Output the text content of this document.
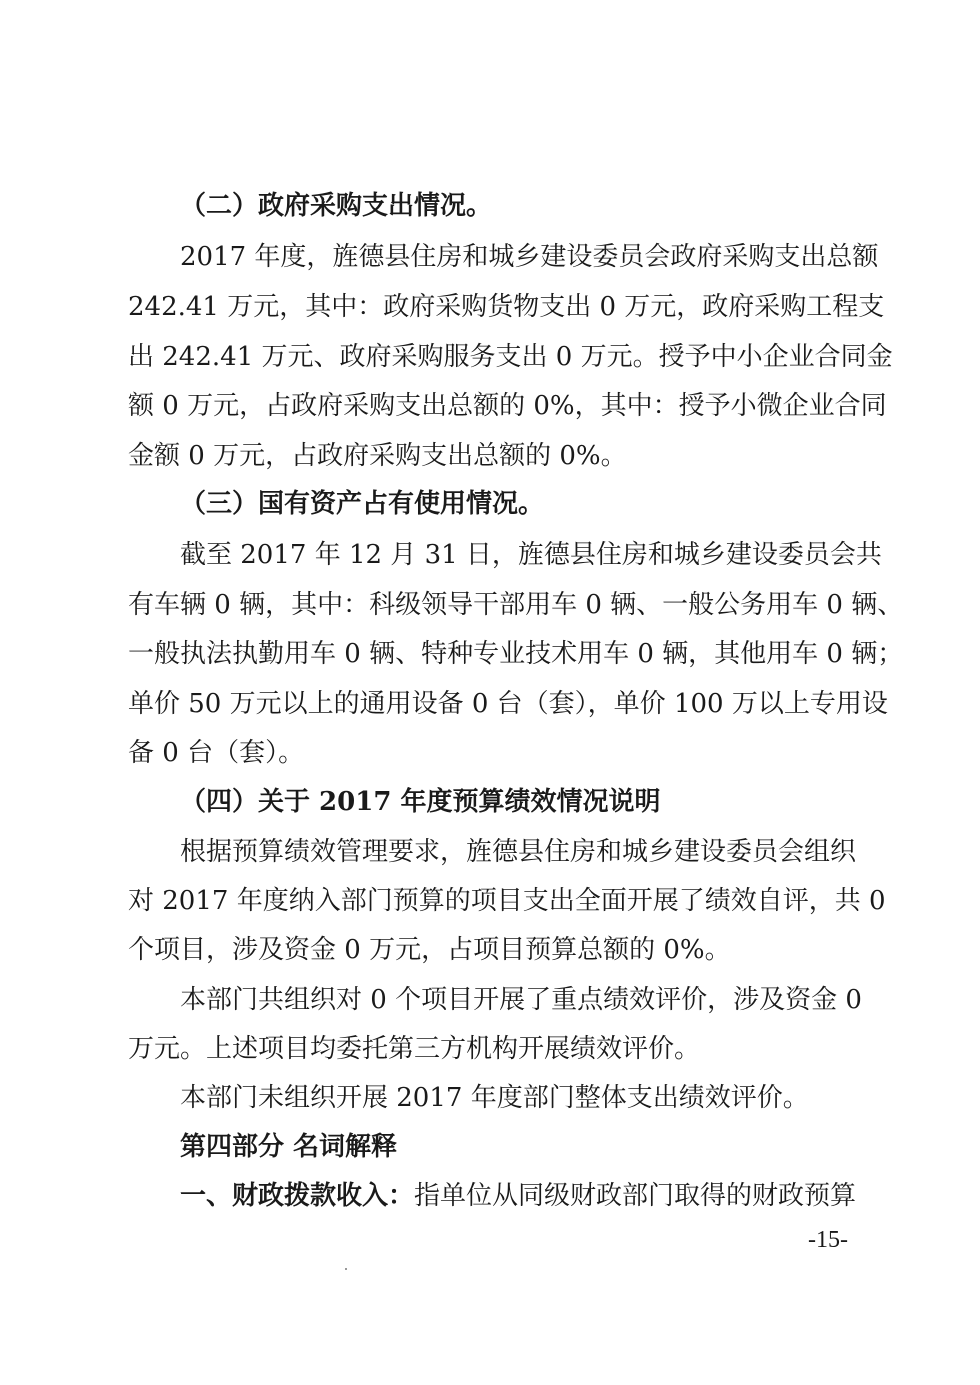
（二）政府采购支出情况。
2017 年度，旌德县住房和城乡建设委员会政府采购支出总额
242.41 万元，其中：政府采购货物支出 0 万元，政府采购工程支
出 242.41 万元、政府采购服务支出 0 万元。授予中小企业合同金
额 0 万元，占政府采购支出总额的 0%，其中：授予小微企业合同
金额 0 万元，占政府采购支出总额的 0%。
（三）国有资产占有使用情况。
截至 2017 年 12 月 31 日，旌德县住房和城乡建设委员会共
有车辆 0 辆，其中：科级领导干部用车 0 辆、一般公务用车 0 辆、
一般执法执勤用车 0 辆、特种专业技术用车 0 辆，其他用车 0 辆；
单价 50 万元以上的通用设备 0 台（套），单价 100 万以上专用设
备 0 台（套）。
（四）关于 2017 年度预算绩效情况说明
根据预算绩效管理要求，旌德县住房和城乡建设委员会组织
对 2017 年度纳入部门预算的项目支出全面开展了绩效自评，共 0
个项目，涉及资金 0 万元，占项目预算总额的 0%。
本部门共组织对 0 个项目开展了重点绩效评价，涉及资金 0
万元。上述项目均委托第三方机构开展绩效评价。
本部门未组织开展 2017 年度部门整体支出绩效评价。
第四部分 名词解释
一、财政拨款收入：指单位从同级财政部门取得的财政预算
-15-
